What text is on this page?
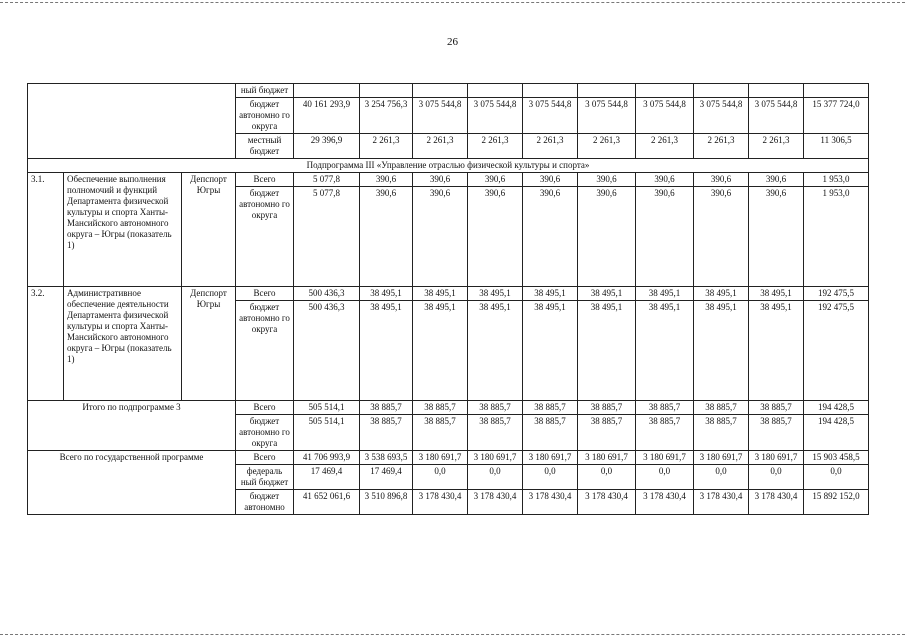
26
			ный бюджет										
			бюджет автономно го округа	40 161 293,9	3 254 756,3	3 075 544,8	3 075 544,8	3 075 544,8	3 075 544,8	3 075 544,8	3 075 544,8	3 075 544,8	15 377 724,0
			местный бюджет	29 396,9	2 261,3	2 261,3	2 261,3	2 261,3	2 261,3	2 261,3	2 261,3	2 261,3	11 306,5
Подпрограмма III «Управление отраслью физической культуры и спорта»													
3.1.	Обеспечение выполнения полномочий и функций Департамента физической культуры и спорта Ханты-Мансийского автономного округа – Югры (показатель 1)	Депспорт Югры	Всего	5 077,8	390,6	390,6	390,6	390,6	390,6	390,6	390,6	390,6	1 953,0
			бюджет автономно го округа	5 077,8	390,6	390,6	390,6	390,6	390,6	390,6	390,6	390,6	1 953,0
3.2.	Административное обеспечение деятельности Департамента физической культуры и спорта Ханты-Мансийского автономного округа – Югры (показатель 1)	Депспорт Югры	Всего	500 436,3	38 495,1	38 495,1	38 495,1	38 495,1	38 495,1	38 495,1	38 495,1	38 495,1	192 475,5
			бюджет автономно го округа	500 436,3	38 495,1	38 495,1	38 495,1	38 495,1	38 495,1	38 495,1	38 495,1	38 495,1	192 475,5
Итого по подпрограмме 3			Всего	505 514,1	38 885,7	38 885,7	38 885,7	38 885,7	38 885,7	38 885,7	38 885,7	38 885,7	194 428,5
			бюджет автономно го округа	505 514,1	38 885,7	38 885,7	38 885,7	38 885,7	38 885,7	38 885,7	38 885,7	38 885,7	194 428,5
Всего по государственной программе			Всего	41 706 993,9	3 538 693,5	3 180 691,7	3 180 691,7	3 180 691,7	3 180 691,7	3 180 691,7	3 180 691,7	3 180 691,7	15 903 458,5
			федераль ный бюджет	17 469,4	17 469,4	0,0	0,0	0,0	0,0	0,0	0,0	0,0	0,0
			бюджет автономно	41 652 061,6	3 510 896,8	3 178 430,4	3 178 430,4	3 178 430,4	3 178 430,4	3 178 430,4	3 178 430,4	3 178 430,4	15 892 152,0
